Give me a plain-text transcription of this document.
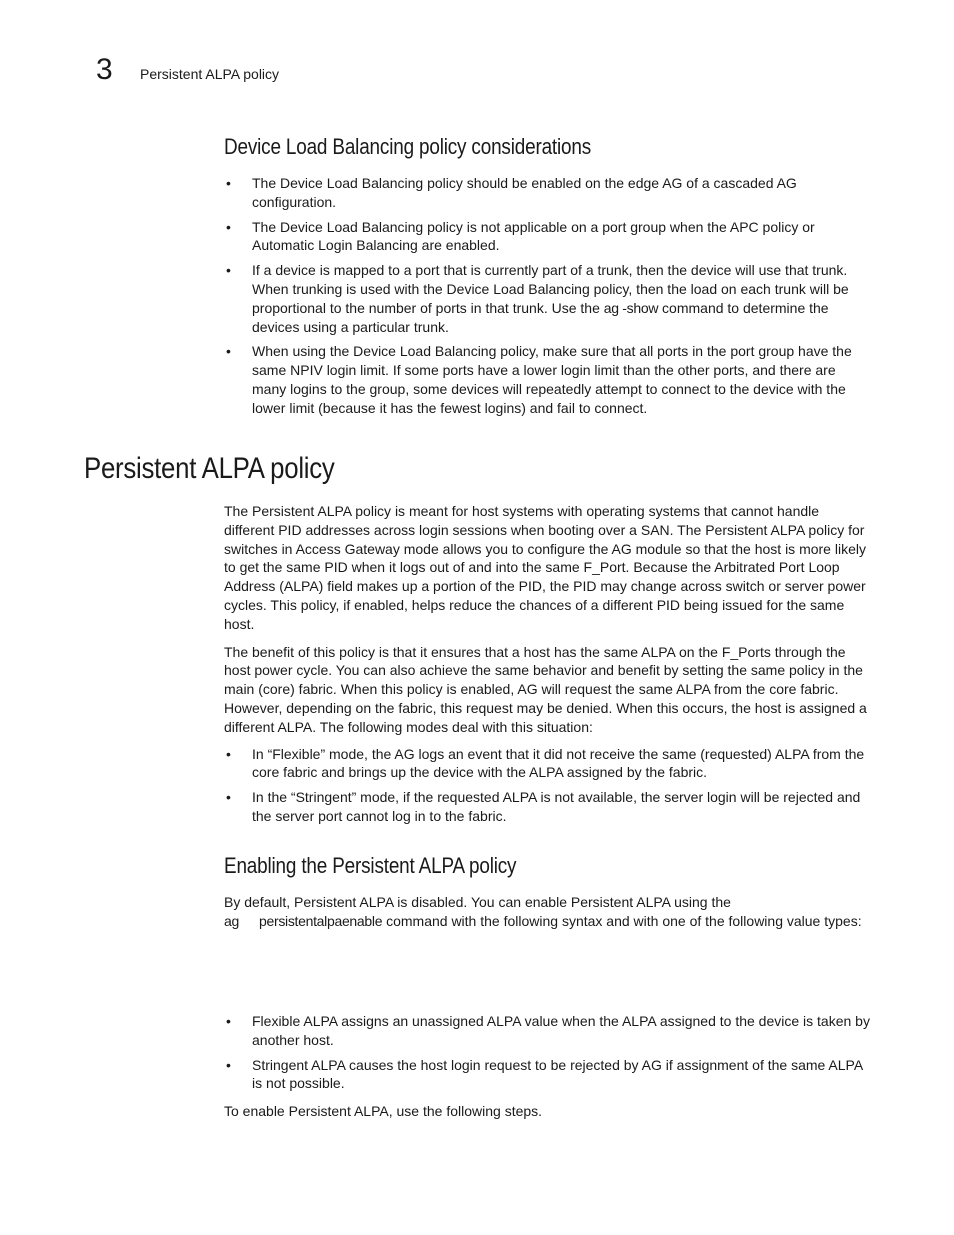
3 Persistent ALPA policy
Device Load Balancing policy considerations
• The Device Load Balancing policy should be enabled on the edge AG of a cascaded AG configuration.
• The Device Load Balancing policy is not applicable on a port group when the APC policy or Automatic Login Balancing are enabled.
• If a device is mapped to a port that is currently part of a trunk, then the device will use that trunk. When trunking is used with the Device Load Balancing policy, then the load on each trunk will be proportional to the number of ports in that trunk. Use the ag -show command to determine the devices using a particular trunk.
• When using the Device Load Balancing policy, make sure that all ports in the port group have the same NPIV login limit. If some ports have a lower login limit than the other ports, and there are many logins to the group, some devices will repeatedly attempt to connect to the device with the lower limit (because it has the fewest logins) and fail to connect.
Persistent ALPA policy

The Persistent ALPA policy is meant for host systems with operating systems that cannot handle different PID addresses across login sessions when booting over a SAN. The Persistent ALPA policy for switches in Access Gateway mode allows you to configure the AG module so that the host is more likely to get the same PID when it logs out of and into the same F_Port. Because the Arbitrated Port Loop Address (ALPA) field makes up a portion of the PID, the PID may change across switch or server power cycles. This policy, if enabled, helps reduce the chances of a different PID being issued for the same host.

The benefit of this policy is that it ensures that a host has the same ALPA on the F_Ports through the host power cycle. You can also achieve the same behavior and benefit by setting the same policy in the main (core) fabric. When this policy is enabled, AG will request the same ALPA from the core fabric. However, depending on the fabric, this request may be denied. When this occurs, the host is assigned a different ALPA. The following modes deal with this situation:

• In “Flexible” mode, the AG logs an event that it did not receive the same (requested) ALPA from the core fabric and brings up the device with the ALPA assigned by the fabric.
• In the “Stringent” mode, if the requested ALPA is not available, the server login will be rejected and the server port cannot log in to the fabric.
Enabling the Persistent ALPA policy

By default, Persistent ALPA is disabled. You can enable Persistent ALPA using the
ag persistentalpaenable command with the following syntax and with one of the following value types:

• Flexible ALPA assigns an unassigned ALPA value when the ALPA assigned to the device is taken by another host.
• Stringent ALPA causes the host login request to be rejected by AG if assignment of the same ALPA is not possible.

To enable Persistent ALPA, use the following steps.
